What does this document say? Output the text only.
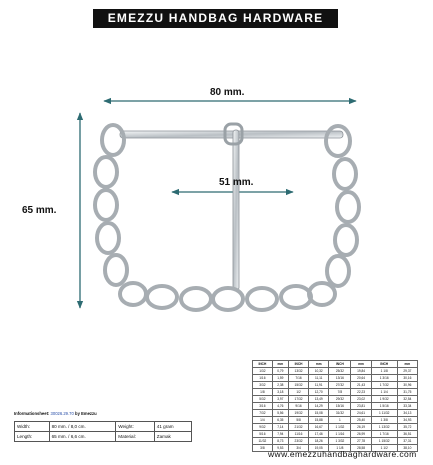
EMEZZU HANDBAG HARDWARE
80 mm.
65 mm.
51 mm.
Informationsheet: 30026.29.70 by Emezzu
Width:	80 mm. / 8,0 cm.	Weight:	41 gram
Length:	65 mm. / 6,6 cm.	Material:	Zamak
INCH	mm	INCH	mm	INCH	mm	INCH	mm
1/32	0,79	13/32	10,32	25/32	19,84	1 1/8	29,37
1/16	1,59	7/16	11,11	13/16	20,64	1 3/16	30,16
3/32	2,38	15/32	11,91	27/32	21,43	1 7/32	30,96
1/8	3,18	1/2	12,70	7/8	22,23	1 1/4	31,75
5/32	3,97	17/32	13,49	29/32	23,02	1 9/32	32,54
3/16	4,76	9/16	14,29	15/16	23,81	1 5/16	33,34
7/32	5,56	19/32	15,08	31/32	24,61	1 11/32	34,13
1/4	6,35	5/8	15,88	1	25,40	1 3/8	34,93
9/32	7,14	21/32	16,67	1 1/32	26,19	1 13/32	35,72
5/16	7,94	11/16	17,46	1 1/16	26,99	1 7/16	36,51
11/32	8,73	23/32	18,26	1 3/32	27,78	1 15/32	37,31
3/8	9,53	3/4	19,05	1 1/8	28,58	1 1/2	38,10
www.emezzuhandbaghardware.com
